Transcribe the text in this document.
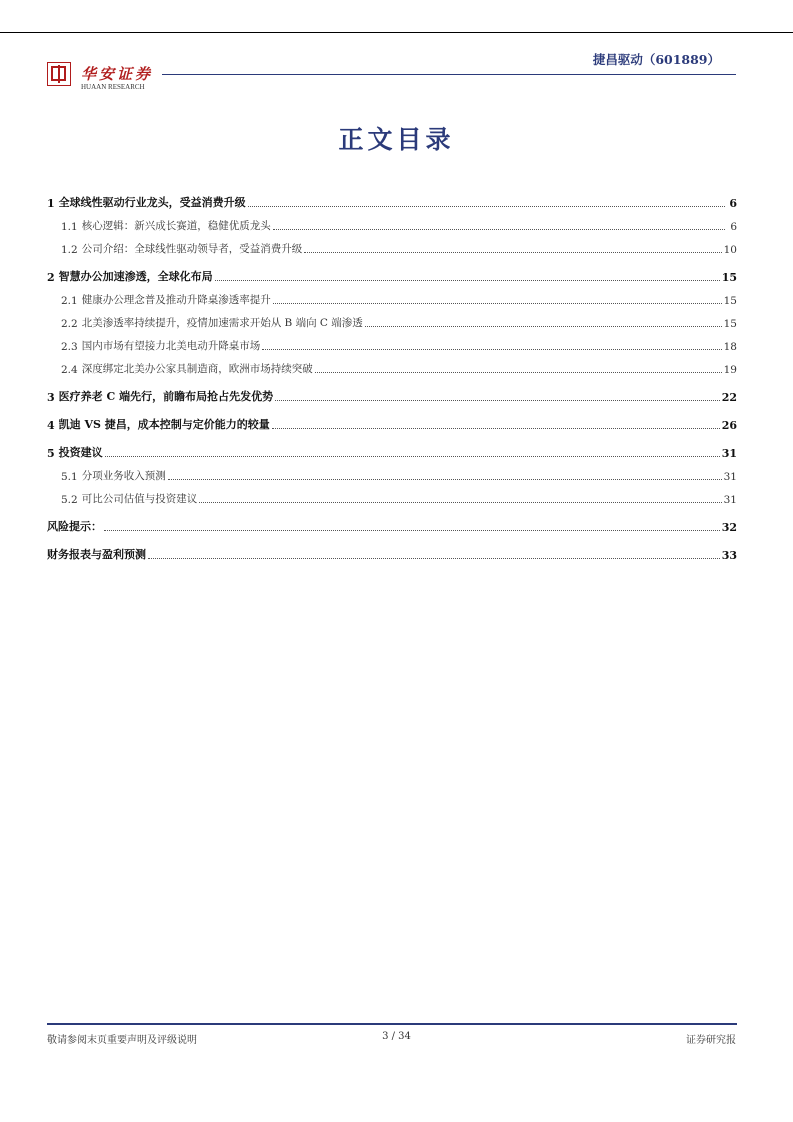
华安证券
HUAAN RESEARCH
捷昌驱动（601889）
正文目录
1 全球线性驱动行业龙头，受益消费升级	6
1.1 核心逻辑：新兴成长赛道，稳健优质龙头	6
1.2 公司介绍：全球线性驱动领导者，受益消费升级	10
2 智慧办公加速渗透，全球化布局	15
2.1 健康办公理念普及推动升降桌渗透率提升	15
2.2 北美渗透率持续提升，疫情加速需求开始从 B 端向 C 端渗透	15
2.3 国内市场有望接力北美电动升降桌市场	18
2.4 深度绑定北美办公家具制造商，欧洲市场持续突破	19
3 医疗养老 C 端先行，前瞻布局抢占先发优势	22
4 凯迪 VS 捷昌，成本控制与定价能力的较量	26
5 投资建议	31
5.1 分项业务收入预测	31
5.2 可比公司估值与投资建议	31
风险提示：	32
财务报表与盈利预测	33
敬请参阅末页重要声明及评级说明	3 / 34	证券研究报
